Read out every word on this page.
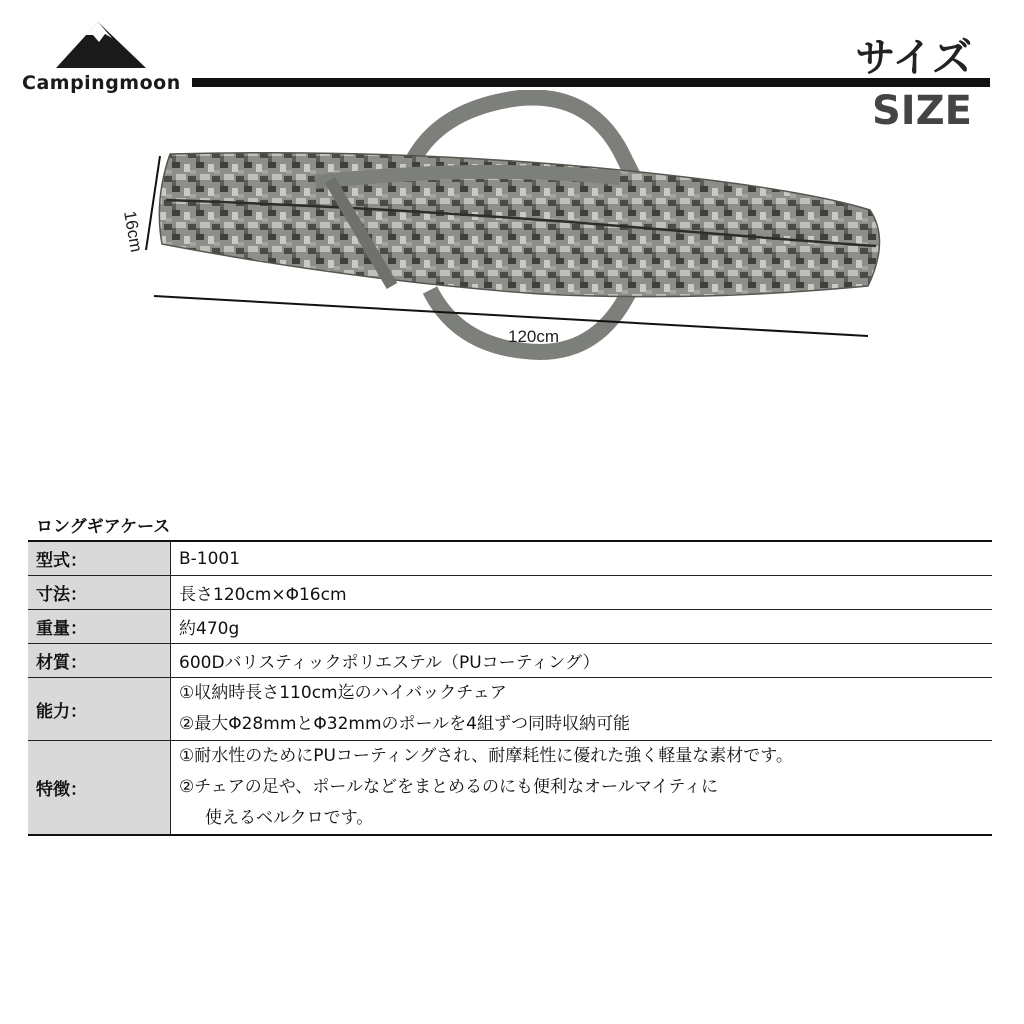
Campingmoon
サイズ
SIZE
16cm
120cm
ロングギアケース
型式：	B-1001
寸法：	長さ120cm×Φ16cm
重量：	約470g
材質：	600Dバリスティックポリエステル（PUコーティング）
能力：	①収納時長さ110cm迄のハイバックチェア
②最大Φ28mmとΦ32mmのポールを4組ずつ同時収納可能

特徴：	①耐水性のためにPUコーティングされ、耐摩耗性に優れた強く軽量な素材です。
②チェアの足や、ポールなどをまとめるのにも便利なオールマイティに
使えるベルクロです。
